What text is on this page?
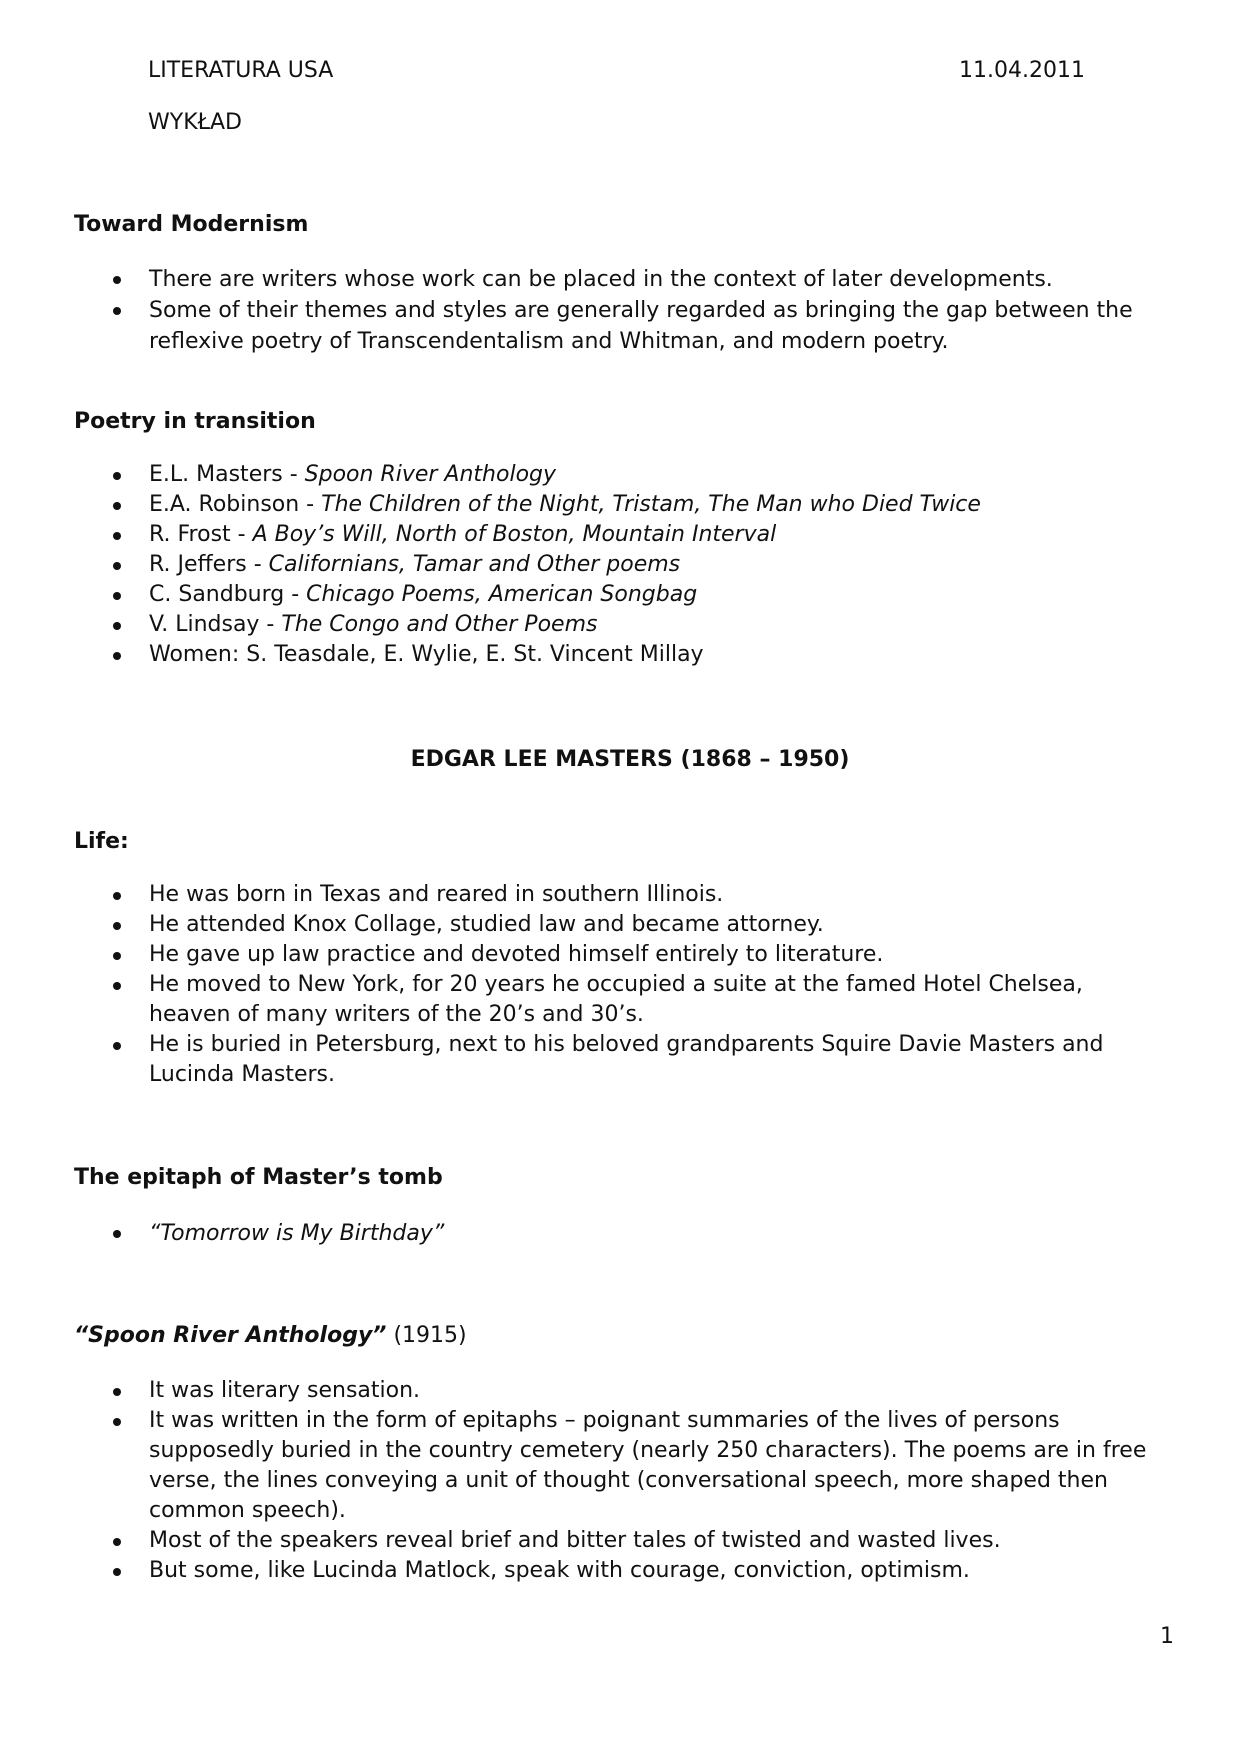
LITERATURA USA	11.04.2011
WYKŁAD
Toward Modernism
There are writers whose work can be placed in the context of later developments.
Some of their themes and styles are generally regarded as bringing the gap between the reflexive poetry of Transcendentalism and Whitman, and modern poetry.
Poetry in transition
E.L. Masters - Spoon River Anthology
E.A. Robinson - The Children of the Night, Tristam, The Man who Died Twice
R. Frost - A Boy’s Will, North of Boston, Mountain Interval
R. Jeffers - Californians, Tamar and Other poems
C. Sandburg - Chicago Poems, American Songbag
V. Lindsay - The Congo and Other Poems
Women: S. Teasdale, E. Wylie, E. St. Vincent Millay
EDGAR LEE MASTERS (1868 – 1950)
Life:
He was born in Texas and reared in southern Illinois.
He attended Knox Collage, studied law and became attorney.
He gave up law practice and devoted himself entirely to literature.
He moved to New York, for 20 years he occupied a suite at the famed Hotel Chelsea, heaven of many writers of the 20’s and 30’s.
He is buried in Petersburg, next to his beloved grandparents Squire Davie Masters and Lucinda Masters.
The epitaph of Master’s tomb
“Tomorrow is My Birthday”
“Spoon River Anthology” (1915)
It was literary sensation.
It was written in the form of epitaphs – poignant summaries of the lives of persons supposedly buried in the country cemetery (nearly 250 characters). The poems are in free verse, the lines conveying a unit of thought (conversational speech, more shaped then common speech).
Most of the speakers reveal brief and bitter tales of twisted and wasted lives.
But some, like Lucinda Matlock, speak with courage, conviction, optimism.
1
